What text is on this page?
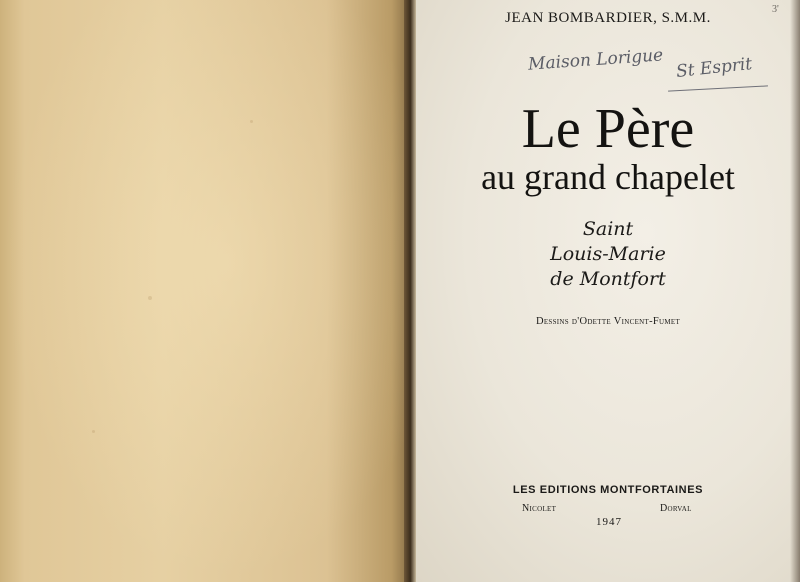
JEAN BOMBARDIER, S.M.M.
3'
Maison Lorigue St Esprit
Le Père
au grand chapelet
Saint
Louis-Marie
de Montfort
Dessins d'Odette Vincent-Fumet
LES EDITIONS MONTFORTAINES
Nicolet	Dorval
1947
